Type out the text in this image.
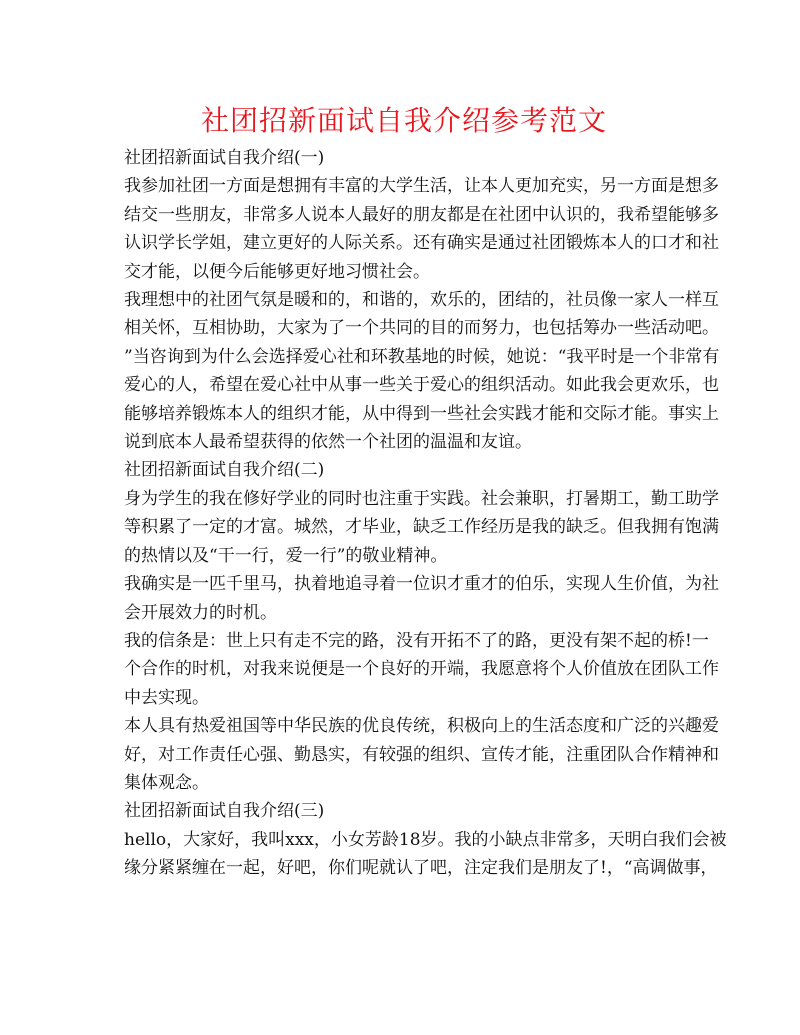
社团招新面试自我介绍参考范文

社团招新面试自我介绍(一)

我参加社团一方面是想拥有丰富的大学生活，让本人更加充实，另一方面是想多

结交一些朋友，非常多人说本人最好的朋友都是在社团中认识的，我希望能够多

认识学长学姐，建立更好的人际关系。还有确实是通过社团锻炼本人的口才和社

交才能，以便今后能够更好地习惯社会。

我理想中的社团气氛是暖和的，和谐的，欢乐的，团结的，社员像一家人一样互

相关怀，互相协助，大家为了一个共同的目的而努力，也包括筹办一些活动吧。

”当咨询到为什么会选择爱心社和环教基地的时候，她说：“我平时是一个非常有

爱心的人，希望在爱心社中从事一些关于爱心的组织活动。如此我会更欢乐，也

能够培养锻炼本人的组织才能，从中得到一些社会实践才能和交际才能。事实上

说到底本人最希望获得的依然一个社团的温温和友谊。

社团招新面试自我介绍(二)

身为学生的我在修好学业的同时也注重于实践。社会兼职，打暑期工，勤工助学

等积累了一定的才富。城然，才毕业，缺乏工作经历是我的缺乏。但我拥有饱满

的热情以及“干一行，爱一行”的敬业精神。

我确实是一匹千里马，执着地追寻着一位识才重才的伯乐，实现人生价值，为社

会开展效力的时机。

我的信条是：世上只有走不完的路，没有开拓不了的路，更没有架不起的桥!一

个合作的时机，对我来说便是一个良好的开端，我愿意将个人价值放在团队工作

中去实现。

本人具有热爱祖国等中华民族的优良传统，积极向上的生活态度和广泛的兴趣爱

好，对工作责任心强、勤恳实，有较强的组织、宣传才能，注重团队合作精神和

集体观念。

社团招新面试自我介绍(三)

hello，大家好，我叫xxx，小女芳龄18岁。我的小缺点非常多，天明白我们会被

缘分紧紧缠在一起，好吧，你们呢就认了吧，注定我们是朋友了!，“高调做事，
